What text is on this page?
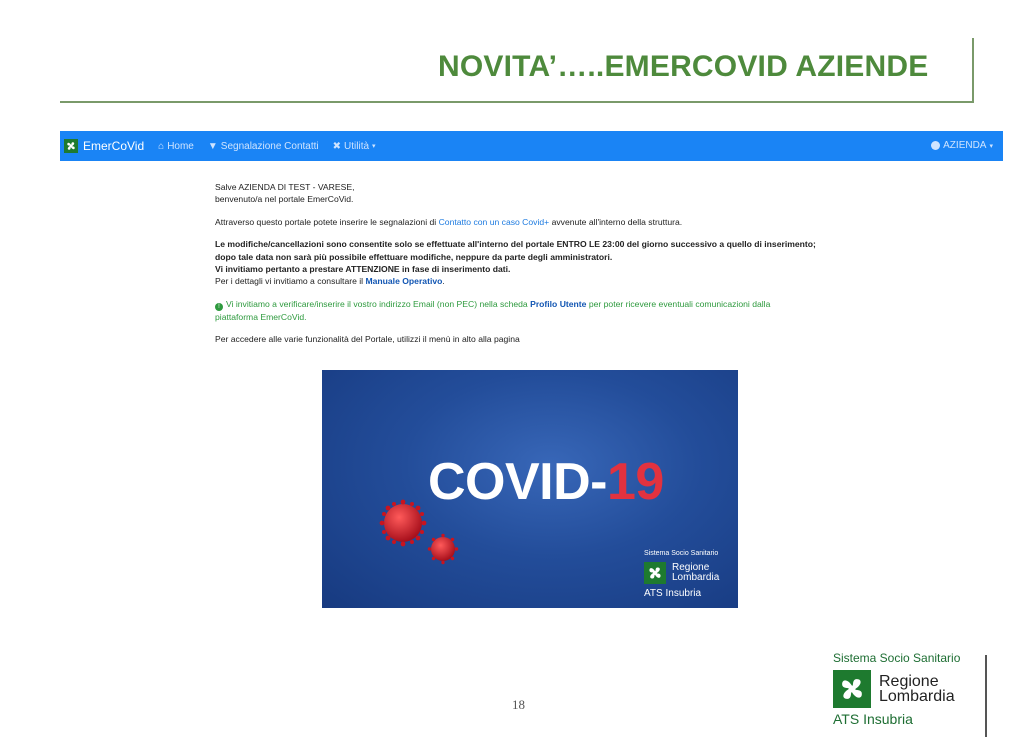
NOVITA’…..EMERCOVID AZIENDE
EmerCoVid ⌂ Home ▼ Segnalazione Contatti ✖ Utilità ▾	AZIENDA ▾

Salve AZIENDA DI TEST - VARESE,
benvenuto/a nel portale EmerCoVid.

Attraverso questo portale potete inserire le segnalazioni di Contatto con un caso Covid+ avvenute all'interno della struttura.

Le modifiche/cancellazioni sono consentite solo se effettuate all'interno del portale ENTRO LE 23:00 del giorno successivo a quello di inserimento;
dopo tale data non sarà più possibile effettuare modifiche, neppure da parte degli amministratori.
Vi invitiamo pertanto a prestare ATTENZIONE in fase di inserimento dati.
Per i dettagli vi invitiamo a consultare il Manuale Operativo.

! Vi invitiamo a verificare/inserire il vostro indirizzo Email (non PEC) nella scheda Profilo Utente per poter ricevere eventuali comunicazioni dalla
piattaforma EmerCoVid.

Per accedere alle varie funzionalità del Portale, utilizzi il menù in alto alla pagina

COVID-19
Sistema Socio Sanitario
Regione
Lombardia
ATS Insubria
18
Sistema Socio Sanitario
Regione
Lombardia
ATS Insubria
